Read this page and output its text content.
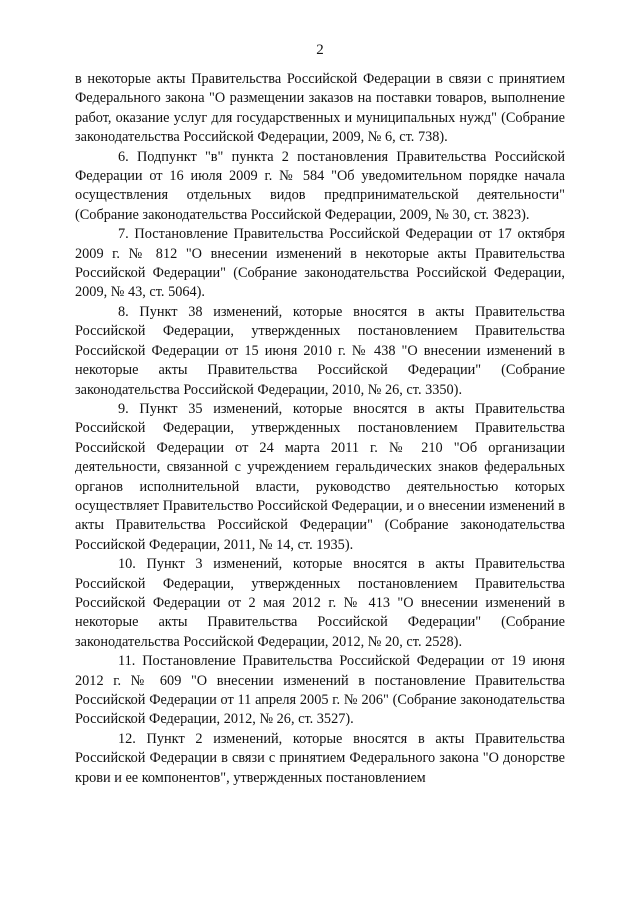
2

в некоторые акты Правительства Российской Федерации в связи с принятием Федерального закона "О размещении заказов на поставки товаров, выполнение работ, оказание услуг для государственных и муниципальных нужд" (Собрание законодательства Российской Федерации, 2009, № 6, ст. 738).

6. Подпункт "в" пункта 2 постановления Правительства Российской Федерации от 16 июля 2009 г. № 584 "Об уведомительном порядке начала осуществления отдельных видов предпринимательской деятельности" (Собрание законодательства Российской Федерации, 2009, № 30, ст. 3823).

7. Постановление Правительства Российской Федерации от 17 октября 2009 г. № 812 "О внесении изменений в некоторые акты Правительства Российской Федерации" (Собрание законодательства Российской Федерации, 2009, № 43, ст. 5064).

8. Пункт 38 изменений, которые вносятся в акты Правительства Российской Федерации, утвержденных постановлением Правительства Российской Федерации от 15 июня 2010 г. № 438 "О внесении изменений в некоторые акты Правительства Российской Федерации" (Собрание законодательства Российской Федерации, 2010, № 26, ст. 3350).

9. Пункт 35 изменений, которые вносятся в акты Правительства Российской Федерации, утвержденных постановлением Правительства Российской Федерации от 24 марта 2011 г. № 210 "Об организации деятельности, связанной с учреждением геральдических знаков федеральных органов исполнительной власти, руководство деятельностью которых осуществляет Правительство Российской Федерации, и о внесении изменений в акты Правительства Российской Федерации" (Собрание законодательства Российской Федерации, 2011, № 14, ст. 1935).

10. Пункт 3 изменений, которые вносятся в акты Правительства Российской Федерации, утвержденных постановлением Правительства Российской Федерации от 2 мая 2012 г. № 413 "О внесении изменений в некоторые акты Правительства Российской Федерации" (Собрание законодательства Российской Федерации, 2012, № 20, ст. 2528).

11. Постановление Правительства Российской Федерации от 19 июня 2012 г. № 609 "О внесении изменений в постановление Правительства Российской Федерации от 11 апреля 2005 г. № 206" (Собрание законодательства Российской Федерации, 2012, № 26, ст. 3527).

12. Пункт 2 изменений, которые вносятся в акты Правительства Российской Федерации в связи с принятием Федерального закона "О донорстве крови и ее компонентов", утвержденных постановлением
